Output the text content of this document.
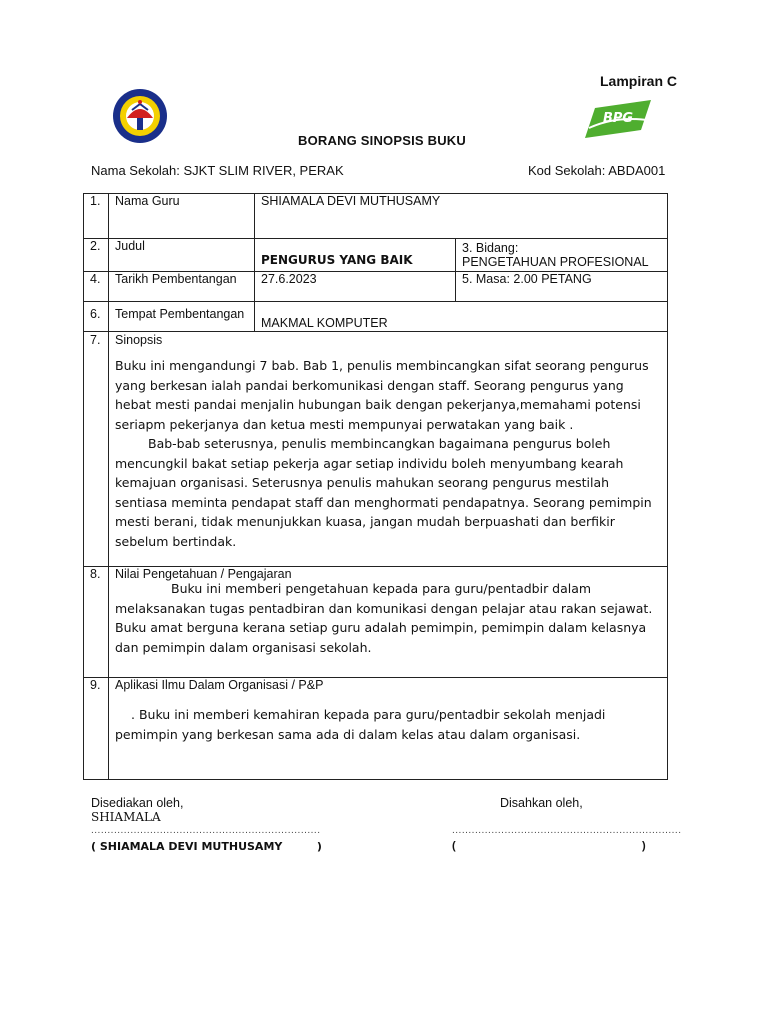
Lampiran C
BPG
BORANG SINOPSIS BUKU
Nama Sekolah: SJKT SLIM RIVER, PERAK	Kod Sekolah: ABDA001
1.	Nama Guru	SHIAMALA DEVI MUTHUSAMY	

2.	Judul	PENGURUS YANG BAIK	3. Bidang:
PENGETAHUAN PROFESIONAL

4.	Tarikh Pembentangan	27.6.2023	5. Masa: 2.00 PETANG

6.	Tempat Pembentangan	MAKMAL KOMPUTER	

7.	Sinopsis
Buku ini mengandungi 7 bab. Bab 1, penulis membincangkan sifat seorang pengurus yang berkesan ialah pandai berkomunikasi dengan staff. Seorang pengurus yang hebat mesti pandai menjalin hubungan baik dengan pekerjanya,memahami potensi seriapm pekerjanya dan ketua mesti mempunyai perwatakan yang baik .
Bab-bab seterusnya, penulis membincangkan bagaimana pengurus boleh mencungkil bakat setiap pekerja agar setiap individu boleh menyumbang kearah kemajuan organisasi. Seterusnya penulis mahukan seorang pengurus mestilah sentiasa meminta pendapat staff dan menghormati pendapatnya. Seorang pemimpin mesti berani, tidak menunjukkan kuasa, jangan mudah berpuashati dan berfikir sebelum bertindak.		

8.	Nilai Pengetahuan / Pengajaran
Buku ini memberi pengetahuan kepada para guru/pentadbir dalam melaksanakan tugas pentadbiran dan komunikasi dengan pelajar atau rakan sejawat. Buku amat berguna kerana setiap guru adalah pemimpin, pemimpin dalam kelasnya dan pemimpin dalam organisasi sekolah.		

9.	Aplikasi Ilmu Dalam Organisasi / P&P
. Buku ini memberi kemahiran kepada para guru/pentadbir sekolah menjadi pemimpin yang berkesan sama ada di dalam kelas atau dalam organisasi.		
Disediakan oleh,
SHIAMALA
......................................................................
( SHIAMALA DEVI MUTHUSAMY         )
Disahkan oleh,
......................................................................
(	)
